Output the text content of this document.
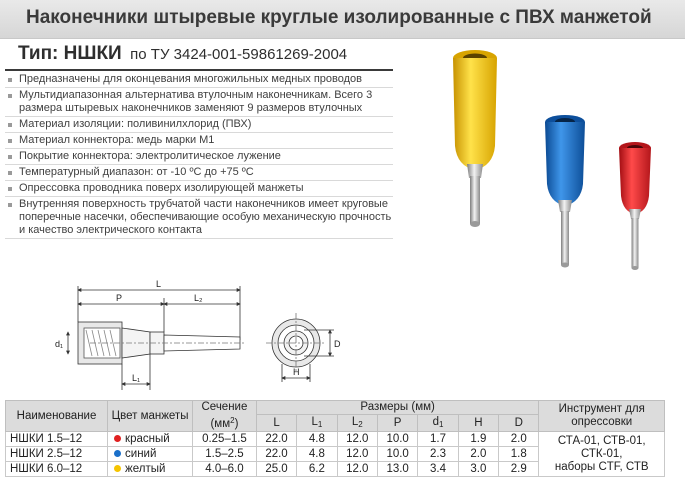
Наконечники штыревые круглые изолированные с ПВХ манжетой
Тип: НШКИ по ТУ 3424-001-59861269-2004
Предназначены для оконцевания многожильных медных проводов
Мультидиапазонная альтернатива втулочным наконечникам. Всего 3 размера штыревых наконечников заменяют 9 размеров втулочных
Материал изоляции: поливинилхлорид (ПВХ)
Материал коннектора: медь марки М1
Покрытие коннектора: электролитическое лужение
Температурный диапазон: от -10 ºС до +75 ºС
Опрессовка проводника поверх изолирующей манжеты
Внутренняя поверхность трубчатой части наконечников имеет круговые поперечные насечки, обеспечивающие особую механическую прочность и качество электрического контакта
L
P	L₂
L₁
d₁	D
H
Наименование	Цвет манжеты	Сечение
$(мм^2)$	Размеры (мм)							Инструмент для опрессовки
			L	$L_1$	$L_2$	P	$d_1$	H	D	
НШКИ 1.5–12	красный	0.25–1.5	22.0	4.8	12.0	10.0	1.7	1.9	2.0	СТА-01, СТВ-01,
СТК-01,
наборы CTF, СТВ

НШКИ 2.5–12	синий	1.5–2.5	22.0	4.8	12.0	10.0	2.3	2.0	1.8	
НШКИ 6.0–12	желтый	4.0–6.0	25.0	6.2	12.0	13.0	3.4	3.0	2.9	
